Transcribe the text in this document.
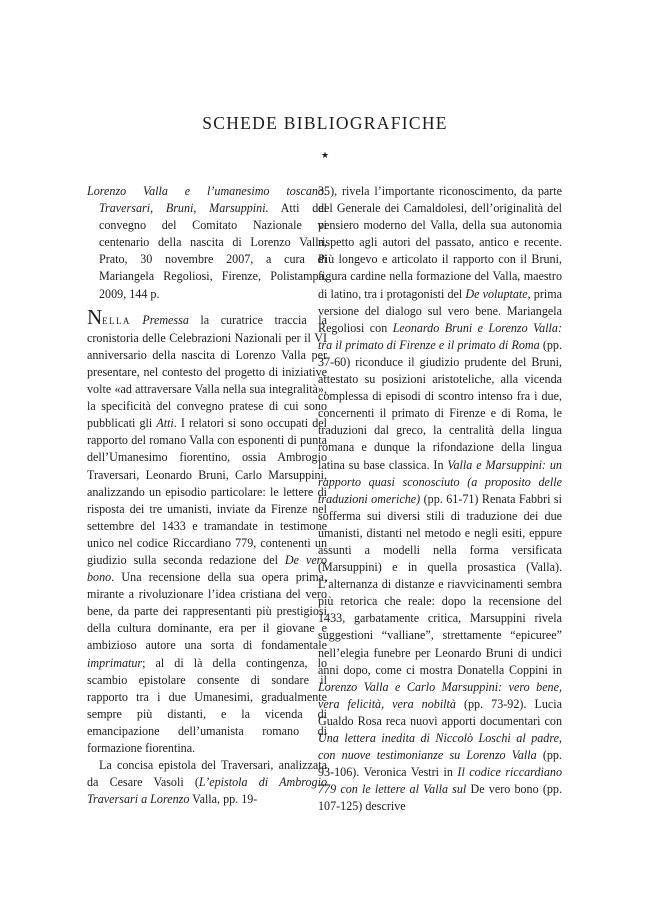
SCHEDE BIBLIOGRAFICHE
★

Lorenzo Valla e l’umanesimo toscano. Traversari, Bruni, Marsuppini. Atti del convegno del Comitato Nazionale vi centenario della nascita di Lorenzo Valla, Prato, 30 novembre 2007, a cura di Mariangela Regoliosi, Firenze, Polistampa, 2009, 144 p.

NELLA Premessa la curatrice traccia la cronistoria delle Celebrazioni Nazionali per il VI anniversario della nascita di Lorenzo Valla per presentare, nel contesto del progetto di iniziative volte «ad attraversare Valla nella sua integralità», la specificità del convegno pratese di cui sono pubblicati gli Atti. I relatori si sono occupati del rapporto del romano Valla con esponenti di punta dell’Umanesimo fiorentino, ossia Ambrogio Traversari, Leonardo Bruni, Carlo Marsuppini, analizzando un episodio particolare: le lettere di risposta dei tre umanisti, inviate da Firenze nel settembre del 1433 e tramandate in testimone unico nel codice Riccardiano 779, contenenti un giudizio sulla seconda redazione del De vero bono. Una recensione della sua opera prima, mirante a rivoluzionare l’idea cristiana del vero bene, da parte dei rappresentanti più prestigiosi della cultura dominante, era per il giovane e ambizioso autore una sorta di fondamentale imprimatur; al di là della contingenza, lo scambio epistolare consente di sondare il rapporto tra i due Umanesimi, gradualmente sempre più distanti, e la vicenda di emancipazione dell’umanista romano di formazione fiorentina.

La concisa epistola del Traversari, analizzata da Cesare Vasoli (L’epistola di Ambrogio Traversari a Lorenzo Valla, pp. 19-

35), rivela l’importante riconoscimento, da parte del Generale dei Camaldolesi, dell’originalità del pensiero moderno del Valla, della sua autonomia rispetto agli autori del passato, antico e recente. Più longevo e articolato il rapporto con il Bruni, figura cardine nella formazione del Valla, maestro di latino, tra i protagonisti del De voluptate, prima versione del dialogo sul vero bene. Mariangela Regoliosi con Leonardo Bruni e Lorenzo Valla: tra il primato di Firenze e il primato di Roma (pp. 37-60) riconduce il giudizio prudente del Bruni, attestato su posizioni aristoteliche, alla vicenda complessa di episodi di scontro intenso fra i due, concernenti il primato di Firenze e di Roma, le traduzioni dal greco, la centralità della lingua romana e dunque la rifondazione della lingua latina su base classica. In Valla e Marsuppini: un rapporto quasi sconosciuto (a proposito delle traduzioni omeriche) (pp. 61-71) Renata Fabbri si sofferma sui diversi stili di traduzione dei due umanisti, distanti nel metodo e negli esiti, eppure assunti a modelli nella forma versificata (Marsuppini) e in quella prosastica (Valla). L’alternanza di distanze e riavvicinamenti sembra più retorica che reale: dopo la recensione del 1433, garbatamente critica, Marsuppini rivela suggestioni “valliane”, strettamente “epicuree” nell’elegia funebre per Leonardo Bruni di undici anni dopo, come ci mostra Donatella Coppini in Lorenzo Valla e Carlo Marsuppini: vero bene, vera felicità, vera nobiltà (pp. 73-92). Lucia Gualdo Rosa reca nuovi apporti documentari con Una lettera inedita di Niccolò Loschi al padre, con nuove testimonianze su Lorenzo Valla (pp. 93-106). Veronica Vestri in Il codice riccardiano 779 con le lettere al Valla sul De vero bono (pp. 107-125) descrive
